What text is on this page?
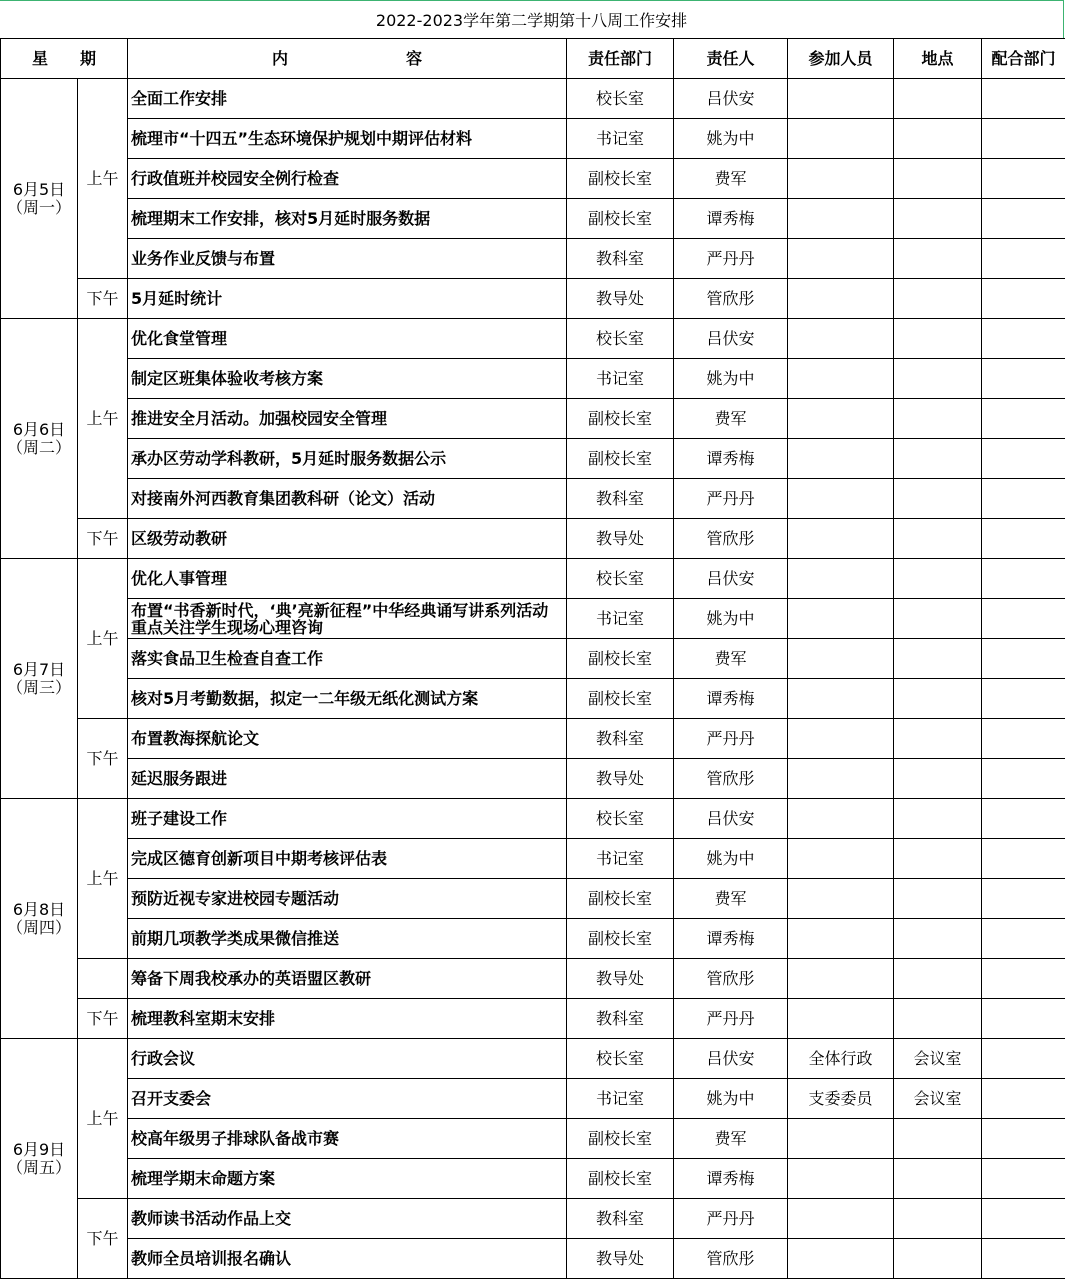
2022-2023学年第二学期第十八周工作安排
星　　期		内 容	责任部门	责任人	参加人员	地点	配合部门
6月5日
（周一）	上午	全面工作安排	校长室	吕伏安			
		梳理市“十四五”生态环境保护规划中期评估材料	书记室	姚为中			
		行政值班并校园安全例行检查	副校长室	费军			
		梳理期末工作安排，核对5月延时服务数据	副校长室	谭秀梅			
		业务作业反馈与布置	教科室	严丹丹			
	下午	5月延时统计	教导处	管欣彤			
6月6日
（周二）	上午	优化食堂管理	校长室	吕伏安			
		制定区班集体验收考核方案	书记室	姚为中			
		推进安全月活动。加强校园安全管理	副校长室	费军			
		承办区劳动学科教研，5月延时服务数据公示	副校长室	谭秀梅			
		对接南外河西教育集团教科研（论文）活动	教科室	严丹丹			
	下午	区级劳动教研	教导处	管欣彤			
6月7日
（周三）	上午	优化人事管理	校长室	吕伏安			
		布置“书香新时代，‘典’亮新征程”中华经典诵写讲系列活动 重点关注学生现场心理咨询	书记室	姚为中			
		落实食品卫生检查自查工作	副校长室	费军			
		核对5月考勤数据，拟定一二年级无纸化测试方案	副校长室	谭秀梅			
	下午	布置教海探航论文	教科室	严丹丹			
		延迟服务跟进	教导处	管欣彤			
6月8日
（周四）	上午	班子建设工作	校长室	吕伏安			
		完成区德育创新项目中期考核评估表	书记室	姚为中			
		预防近视专家进校园专题活动	副校长室	费军			
		前期几项教学类成果微信推送	副校长室	谭秀梅			
		筹备下周我校承办的英语盟区教研	教导处	管欣彤			
	下午	梳理教科室期末安排	教科室	严丹丹			
6月9日
（周五）	上午	行政会议	校长室	吕伏安	全体行政	会议室	
		召开支委会	书记室	姚为中	支委委员	会议室	
		校高年级男子排球队备战市赛	副校长室	费军			
		梳理学期末命题方案	副校长室	谭秀梅			
	下午	教师读书活动作品上交	教科室	严丹丹			
		教师全员培训报名确认	教导处	管欣彤			
